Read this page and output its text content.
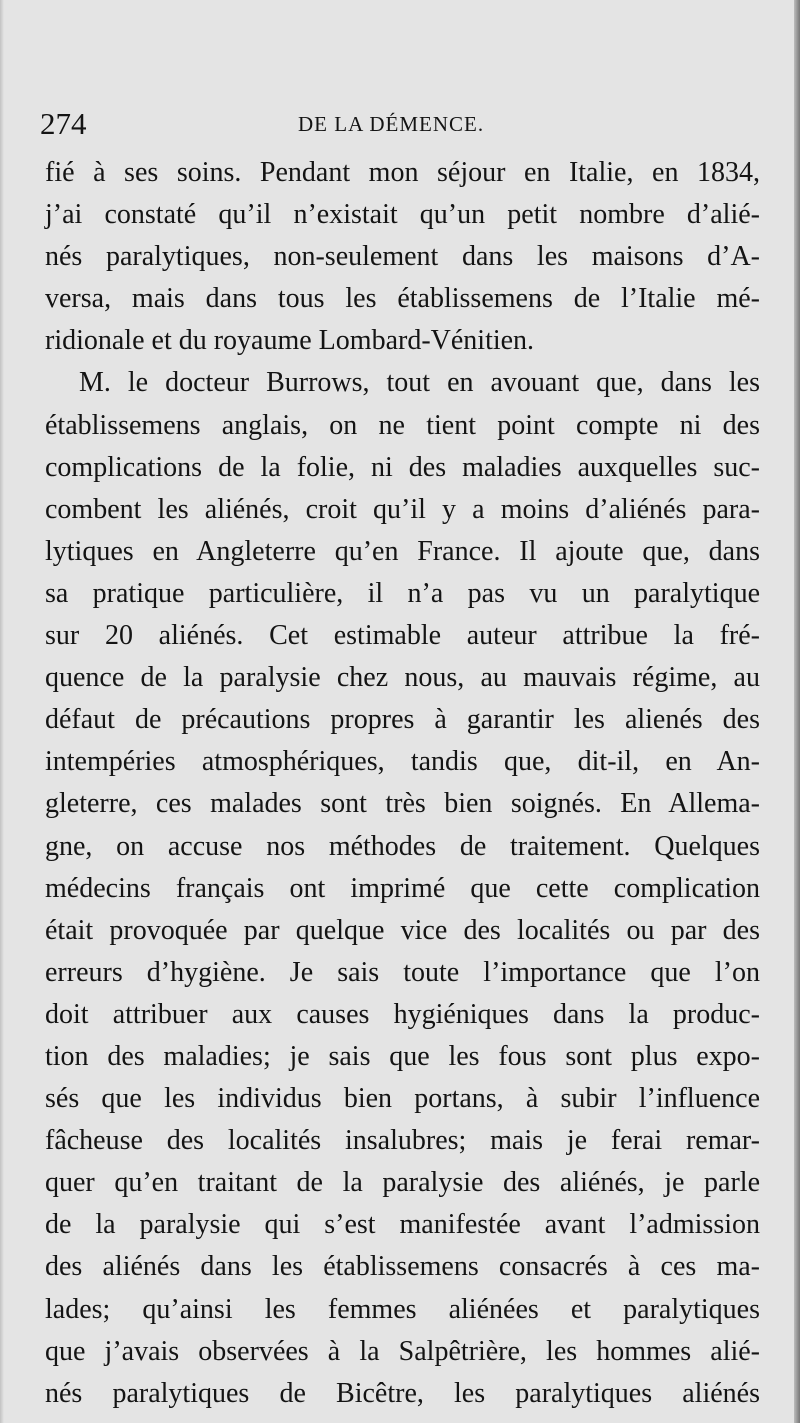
274	DE LA DÉMENCE.
fié à ses soins. Pendant mon séjour en Italie, en 1834,
j’ai constaté qu’il n’existait qu’un petit nombre d’alié-
nés paralytiques, non-seulement dans les maisons d’A-
versa, mais dans tous les établissemens de l’Italie mé-
ridionale et du royaume Lombard-Vénitien.
M. le docteur Burrows, tout en avouant que, dans les
établissemens anglais, on ne tient point compte ni des
complications de la folie, ni des maladies auxquelles suc-
combent les aliénés, croit qu’il y a moins d’aliénés para-
lytiques en Angleterre qu’en France. Il ajoute que, dans
sa pratique particulière, il n’a pas vu un paralytique
sur 20 aliénés. Cet estimable auteur attribue la fré-
quence de la paralysie chez nous, au mauvais régime, au
défaut de précautions propres à garantir les alienés des
intempéries atmosphériques, tandis que, dit-il, en An-
gleterre, ces malades sont très bien soignés. En Allema-
gne, on accuse nos méthodes de traitement. Quelques
médecins français ont imprimé que cette complication
était provoquée par quelque vice des localités ou par des
erreurs d’hygiène. Je sais toute l’importance que l’on
doit attribuer aux causes hygiéniques dans la produc-
tion des maladies; je sais que les fous sont plus expo-
sés que les individus bien portans, à subir l’influence
fâcheuse des localités insalubres; mais je ferai remar-
quer qu’en traitant de la paralysie des aliénés, je parle
de la paralysie qui s’est manifestée avant l’admission
des aliénés dans les établissemens consacrés à ces ma-
lades; qu’ainsi les femmes aliénées et paralytiques
que j’avais observées à la Salpêtrière, les hommes alié-
nés paralytiques de Bicêtre, les paralytiques aliénés
